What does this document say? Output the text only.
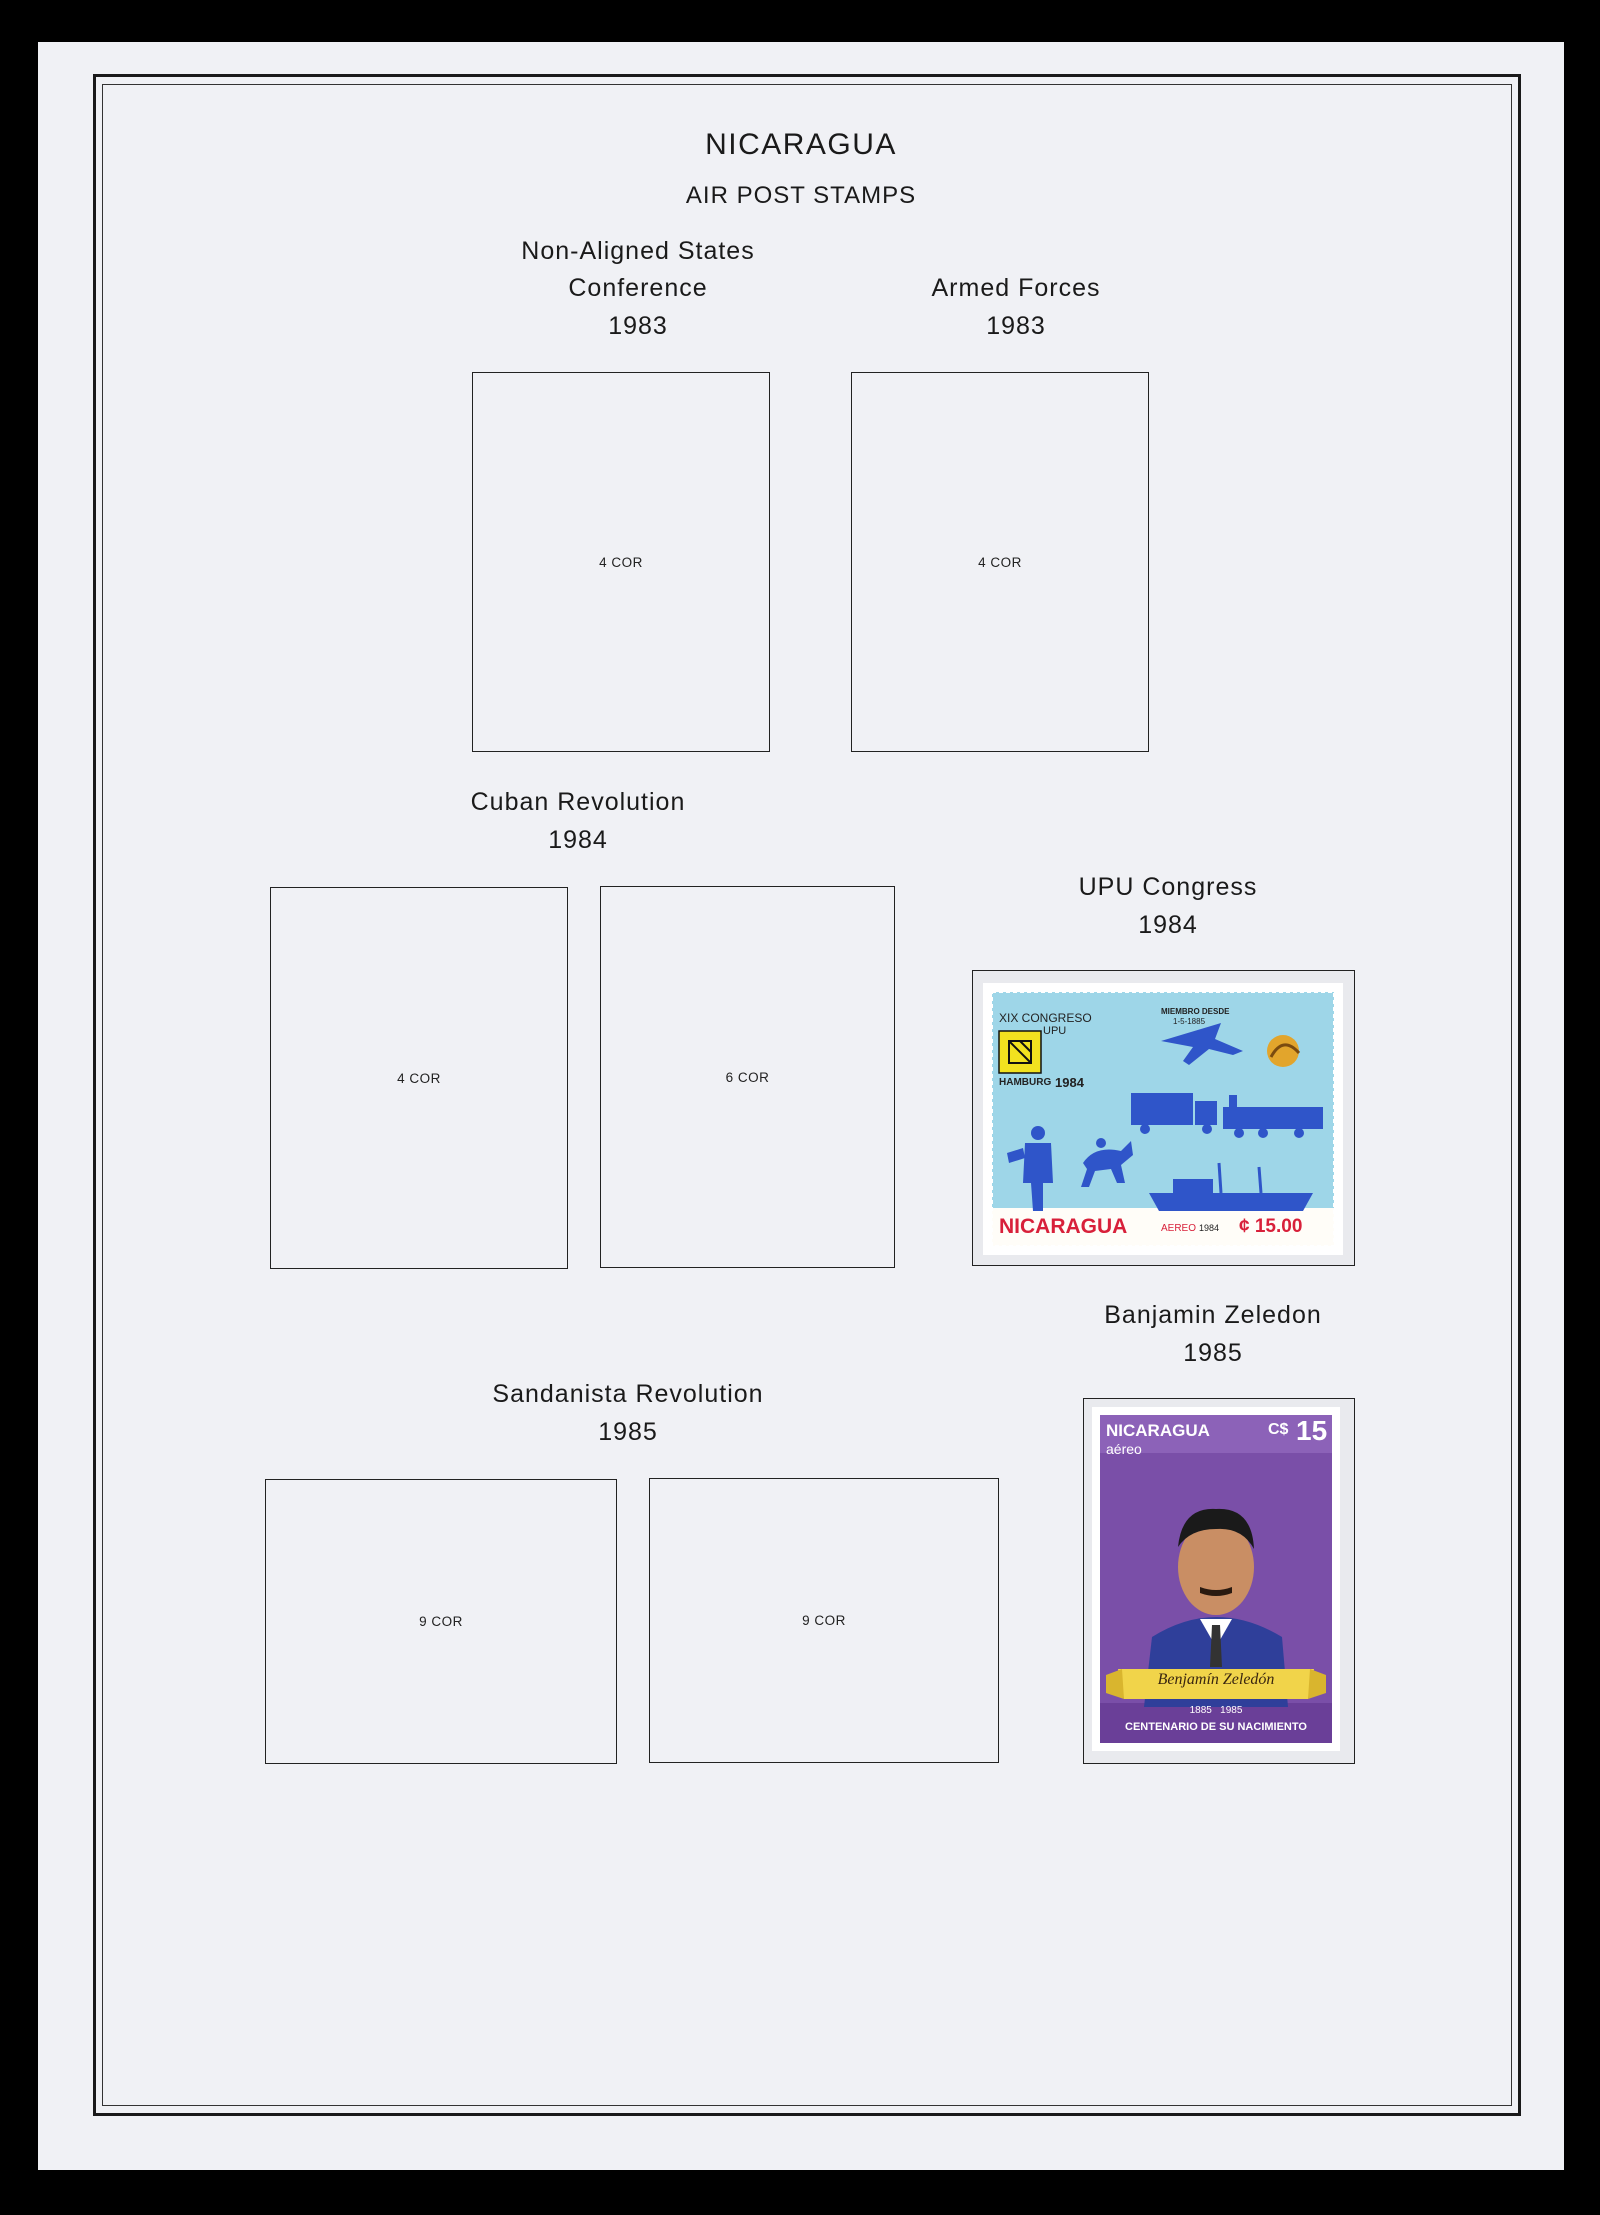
NICARAGUA
AIR POST STAMPS
Non-Aligned States
Conference
1983
4 COR
Armed Forces
1983
4 COR
Cuban Revolution
1984
4 COR	6 COR
UPU Congress
1984
XIX CONGRESO
UPU
MIEMBRO DESDE
1-5-1885
HAMBURG 1984
NICARAGUA	AEREO 1984 ¢ 15.00
Banjamin Zeledon
1985
NICARAGUA	C$ 15
aéreo
Benjamín Zeledón
1885   1985
CENTENARIO DE SU NACIMIENTO
Sandanista Revolution
1985
9 COR	9 COR
